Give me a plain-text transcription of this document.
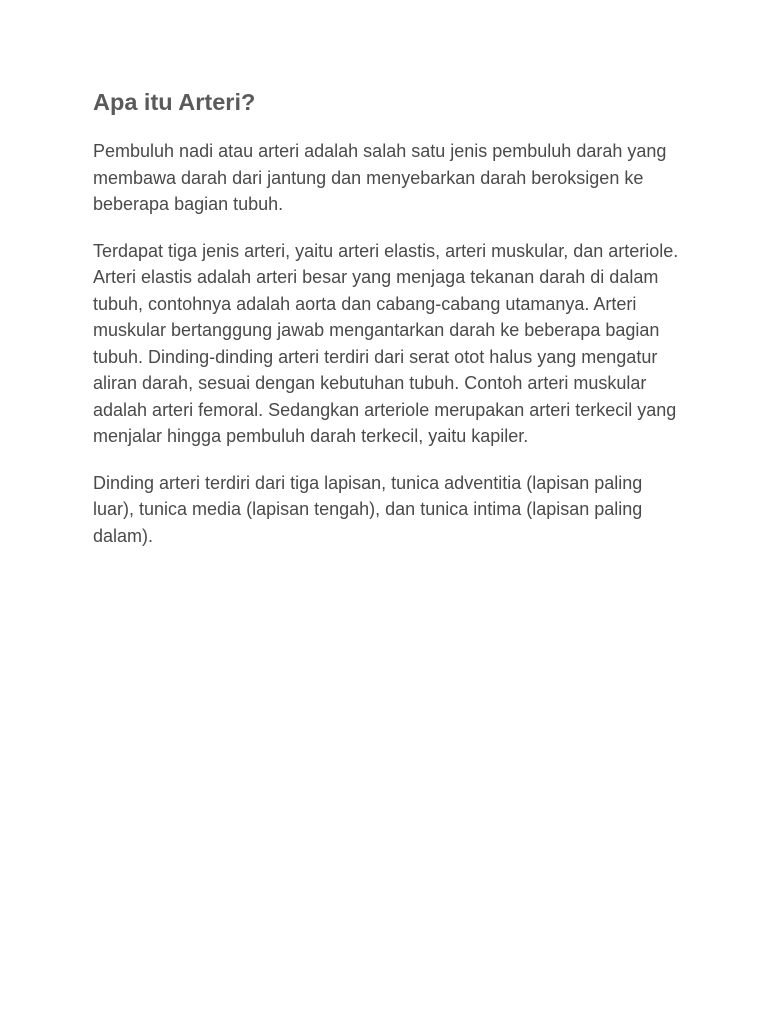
Apa itu Arteri?

Pembuluh nadi atau arteri adalah salah satu jenis pembuluh darah yang membawa darah dari jantung dan menyebarkan darah beroksigen ke beberapa bagian tubuh.

Terdapat tiga jenis arteri, yaitu arteri elastis, arteri muskular, dan arteriole. Arteri elastis adalah arteri besar yang menjaga tekanan darah di dalam tubuh, contohnya adalah aorta dan cabang-cabang utamanya. Arteri muskular bertanggung jawab mengantarkan darah ke beberapa bagian tubuh. Dinding-dinding arteri terdiri dari serat otot halus yang mengatur aliran darah, sesuai dengan kebutuhan tubuh. Contoh arteri muskular adalah arteri femoral. Sedangkan arteriole merupakan arteri terkecil yang menjalar hingga pembuluh darah terkecil, yaitu kapiler.

Dinding arteri terdiri dari tiga lapisan, tunica adventitia (lapisan paling luar), tunica media (lapisan tengah), dan tunica intima (lapisan paling dalam).
